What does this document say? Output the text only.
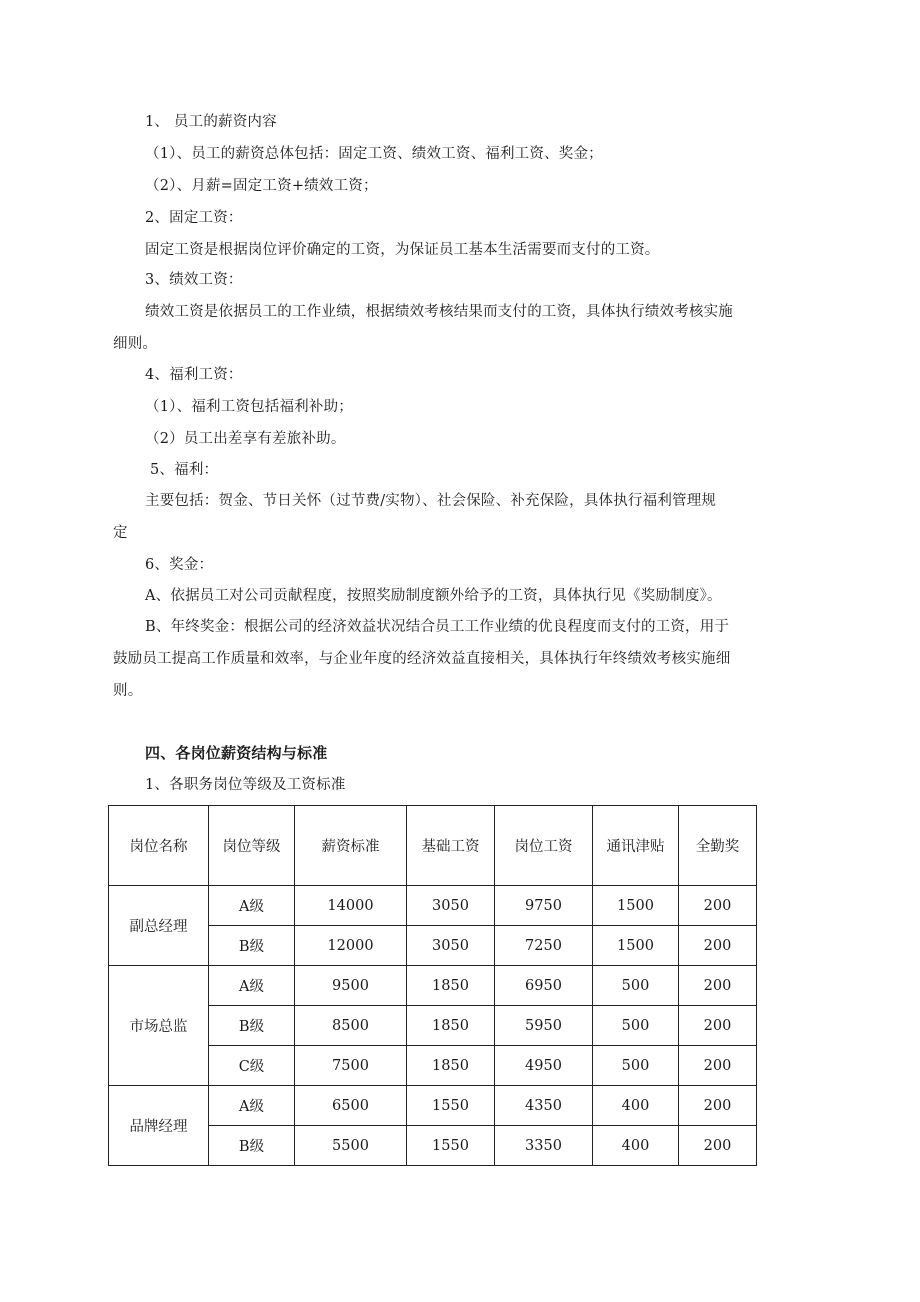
1、 员工的薪资内容
（1）、员工的薪资总体包括：固定工资、绩效工资、福利工资、奖金；
（2）、月薪=固定工资+绩效工资；
2、固定工资：
固定工资是根据岗位评价确定的工资，为保证员工基本生活需要而支付的工资。
3、绩效工资：
绩效工资是依据员工的工作业绩，根据绩效考核结果而支付的工资，具体执行绩效考核实施
细则。
4、福利工资：
（1）、福利工资包括福利补助；
（2）员工出差享有差旅补助。
5、福利：
主要包括：贺金、节日关怀（过节费/实物）、社会保险、补充保险，具体执行福利管理规
定
6、奖金：
A、依据员工对公司贡献程度，按照奖励制度额外给予的工资，具体执行见《奖励制度》。
B、年终奖金：根据公司的经济效益状况结合员工工作业绩的优良程度而支付的工资，用于
鼓励员工提高工作质量和效率，与企业年度的经济效益直接相关，具体执行年终绩效考核实施细
则。
四、各岗位薪资结构与标准
1、各职务岗位等级及工资标准
岗位名称	岗位等级	薪资标准	基础工资	岗位工资	通讯津贴	全勤奖
副总经理	A级	14000	3050	9750	1500	200
	B级	12000	3050	7250	1500	200
市场总监	A级	9500	1850	6950	500	200
	B级	8500	1850	5950	500	200
	C级	7500	1850	4950	500	200
品牌经理	A级	6500	1550	4350	400	200
	B级	5500	1550	3350	400	200
